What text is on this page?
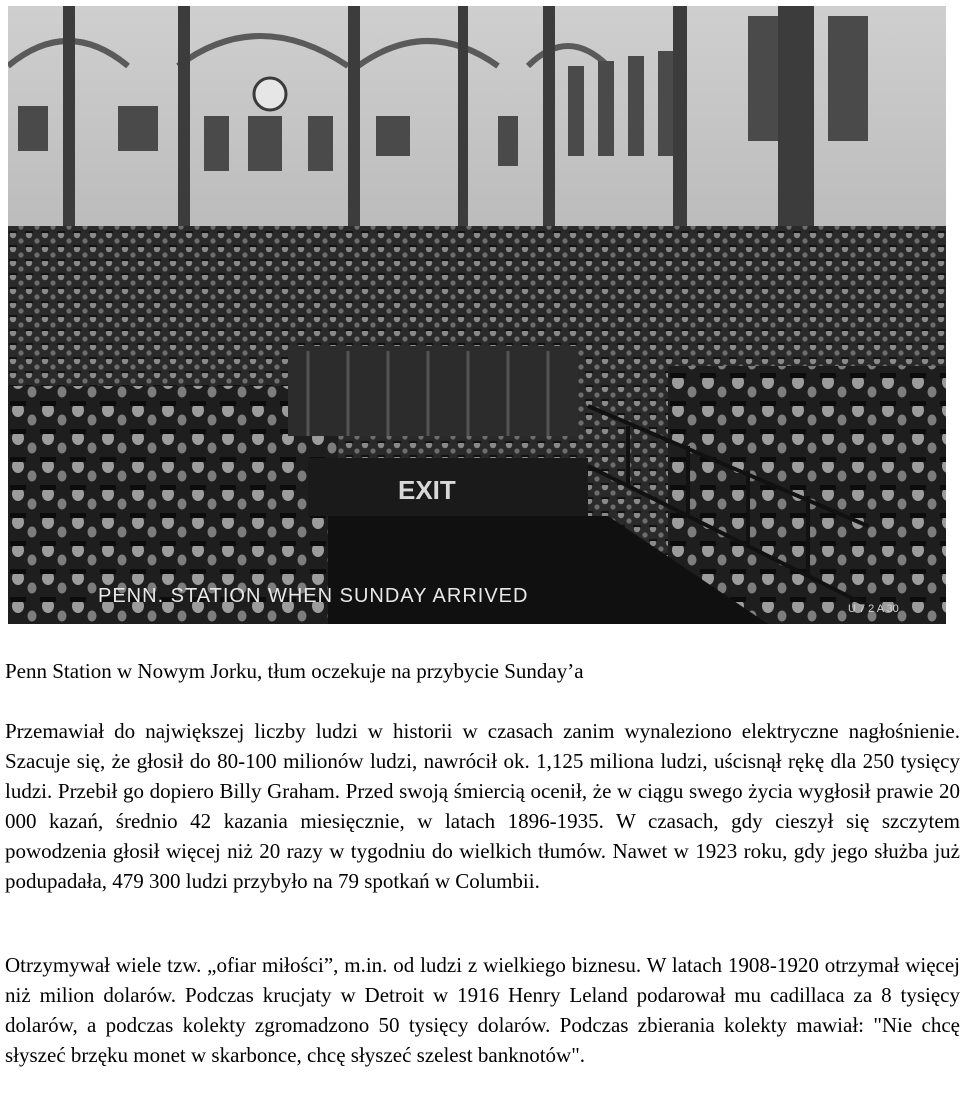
EXIT
PENN. STATION WHEN SUNDAY ARRIVED
U 7 2 A 30

Penn Station w Nowym Jorku, tłum oczekuje na przybycie Sunday’a

Przemawiał do największej liczby ludzi w historii w czasach zanim wynaleziono elektryczne nagłośnienie. Szacuje się, że głosił do 80-100 milionów ludzi, nawrócił ok. 1,125 miliona ludzi, uścisnął rękę dla 250 tysięcy ludzi. Przebił go dopiero Billy Graham. Przed swoją śmiercią ocenił, że w ciągu swego życia wygłosił prawie 20 000 kazań, średnio 42 kazania miesięcznie, w latach 1896-1935. W czasach, gdy cieszył się szczytem powodzenia głosił więcej niż 20 razy w tygodniu do wielkich tłumów. Nawet w 1923 roku, gdy jego służba już podupadała, 479 300 ludzi przybyło na 79 spotkań w Columbii.

Otrzymywał wiele tzw. „ofiar miłości”, m.in. od ludzi z wielkiego biznesu. W latach 1908-1920 otrzymał więcej niż milion dolarów. Podczas krucjaty w Detroit w 1916 Henry Leland podarował mu cadillaca za 8 tysięcy dolarów, a podczas kolekty zgromadzono 50 tysięcy dolarów. Podczas zbierania kolekty mawiał: "Nie chcę słyszeć brzęku monet w skarbonce, chcę słyszeć szelest banknotów".
